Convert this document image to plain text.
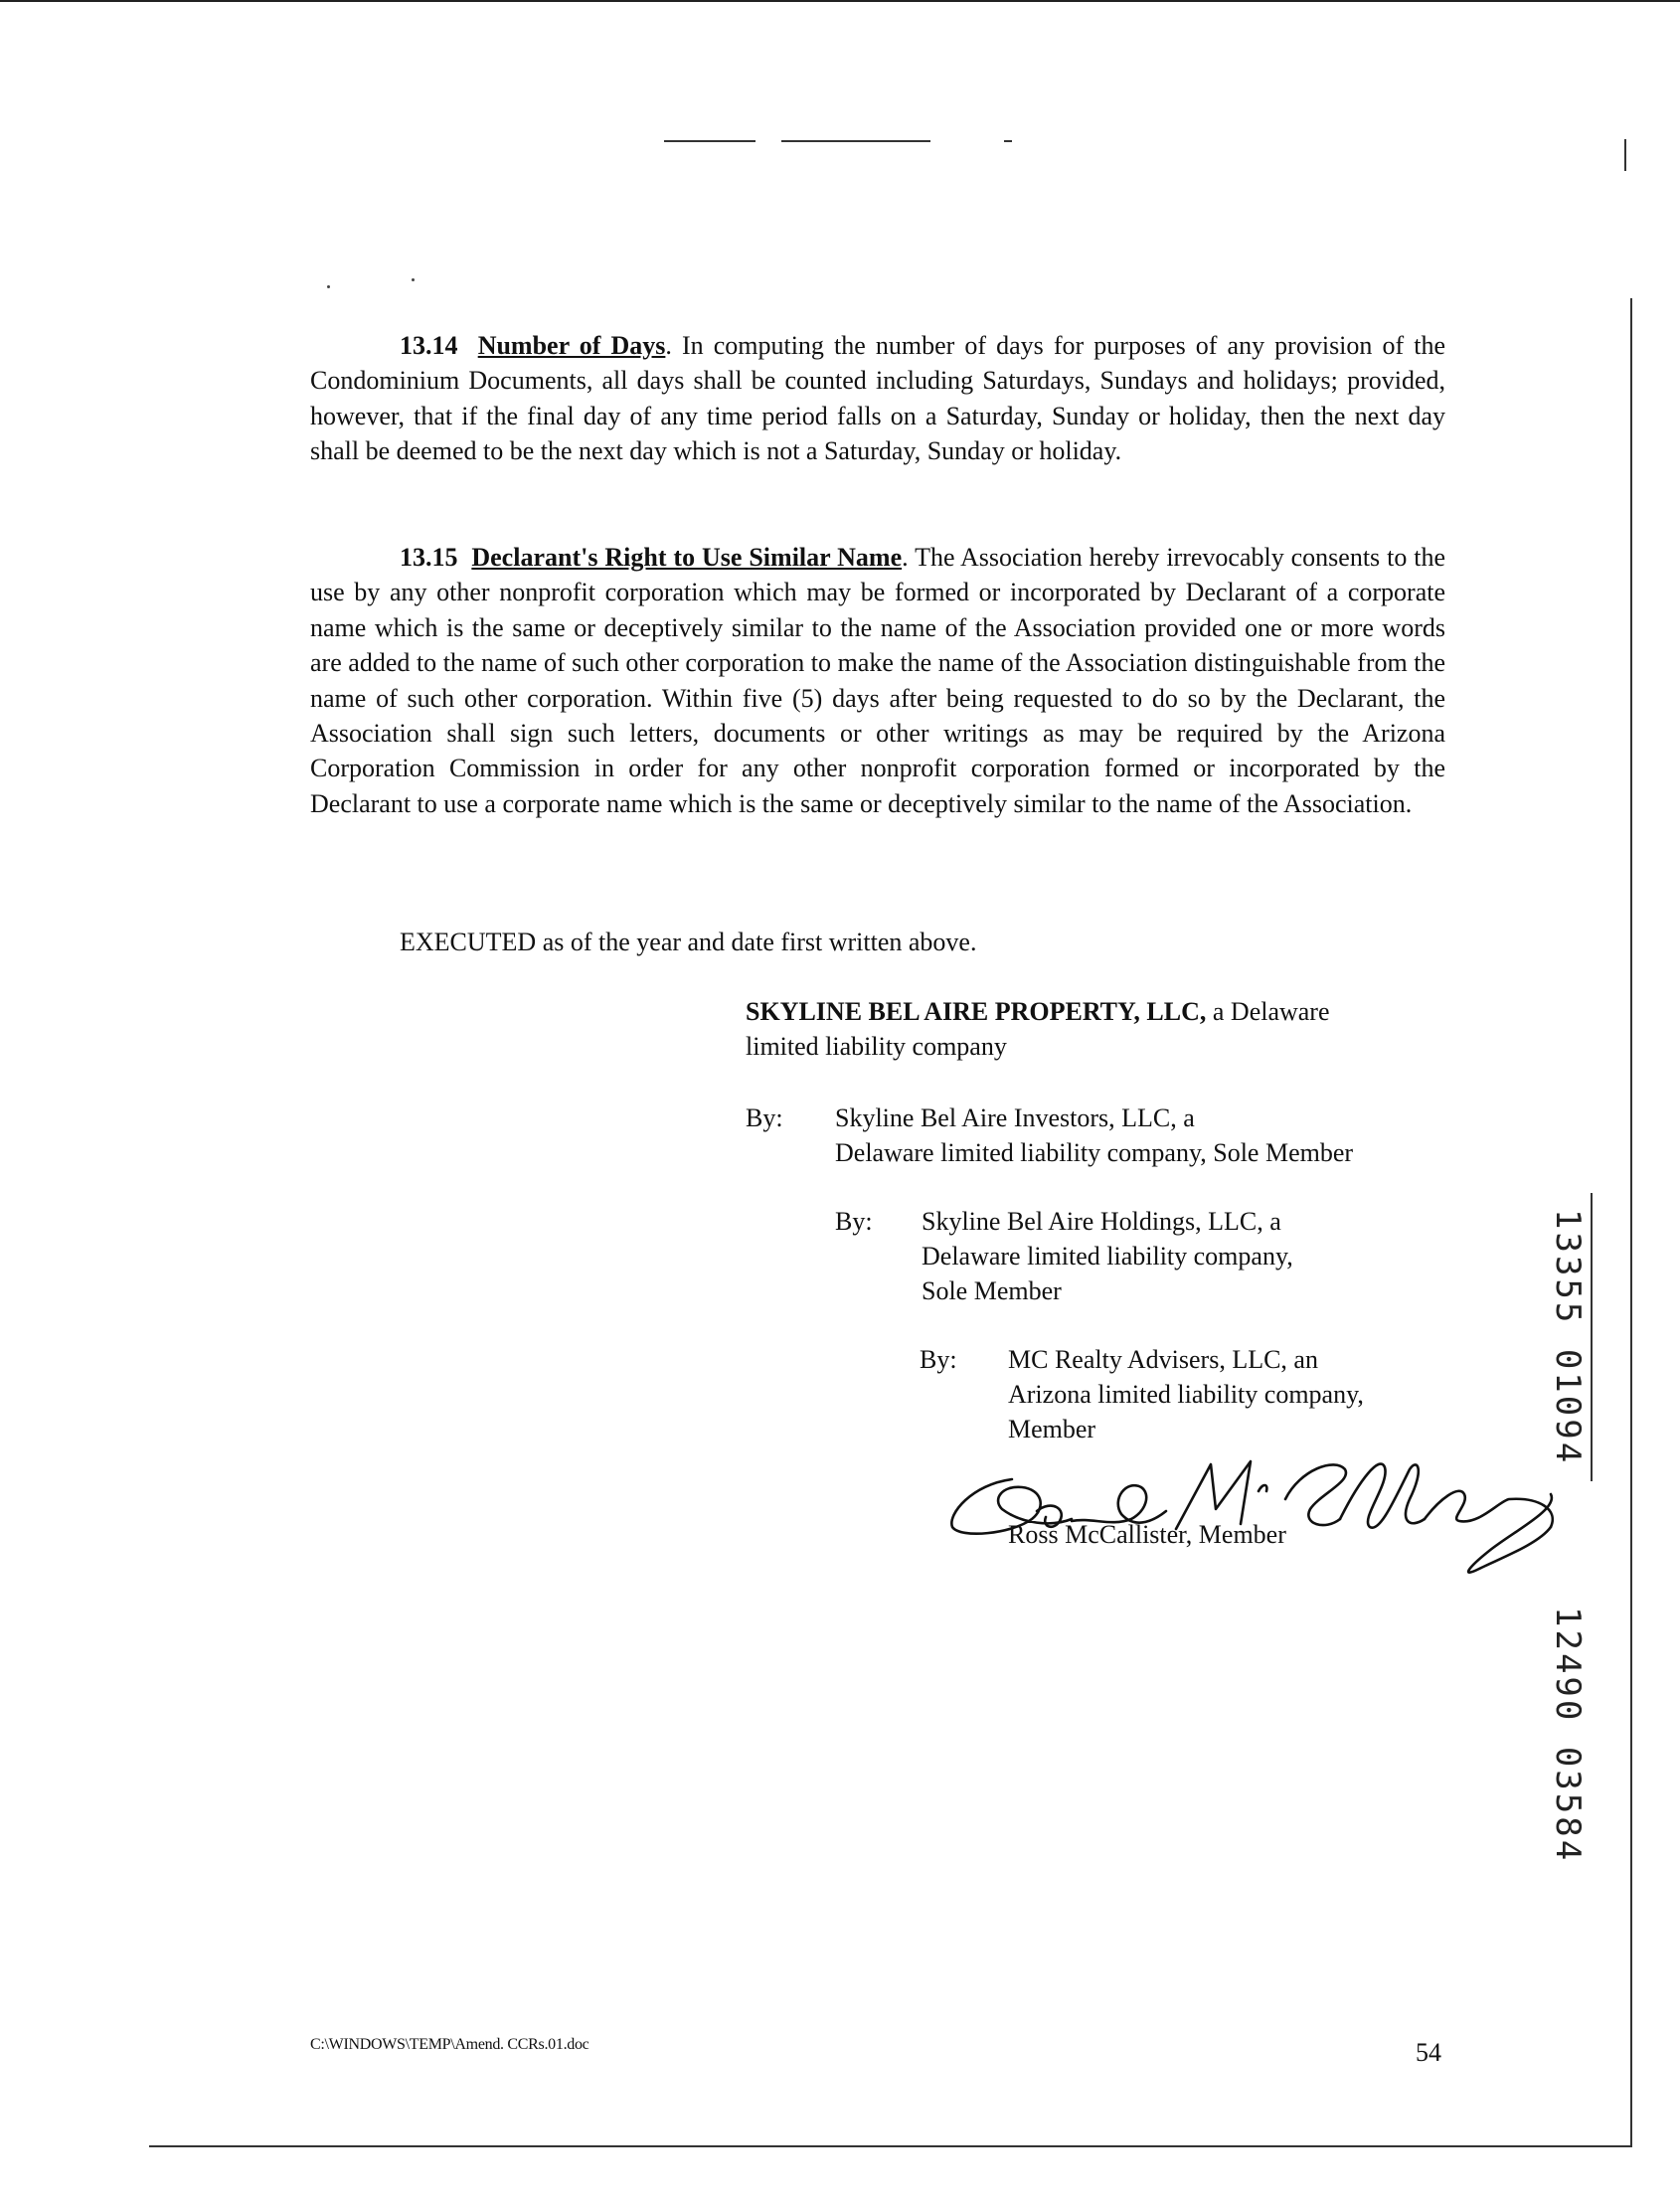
13.14 Number of Days. In computing the number of days for purposes of any provision of the Condominium Documents, all days shall be counted including Saturdays, Sundays and holidays; provided, however, that if the final day of any time period falls on a Saturday, Sunday or holiday, then the next day shall be deemed to be the next day which is not a Saturday, Sunday or holiday.
13.15 Declarant's Right to Use Similar Name. The Association hereby irrevocably consents to the use by any other nonprofit corporation which may be formed or incorporated by Declarant of a corporate name which is the same or deceptively similar to the name of the Association provided one or more words are added to the name of such other corporation to make the name of the Association distinguishable from the name of such other corporation. Within five (5) days after being requested to do so by the Declarant, the Association shall sign such letters, documents or other writings as may be required by the Arizona Corporation Commission in order for any other nonprofit corporation formed or incorporated by the Declarant to use a corporate name which is the same or deceptively similar to the name of the Association.
EXECUTED as of the year and date first written above.
SKYLINE BEL AIRE PROPERTY, LLC, a Delaware
limited liability company
By: Skyline Bel Aire Investors, LLC, a
Delaware limited liability company, Sole Member
By: Skyline Bel Aire Holdings, LLC, a
Delaware limited liability company,
Sole Member
By: MC Realty Advisers, LLC, an
Arizona limited liability company,
Member
Ross McCallister, Member
C:\WINDOWS\TEMP\Amend. CCRs.01.doc	54
13355 01094
12490 03584
